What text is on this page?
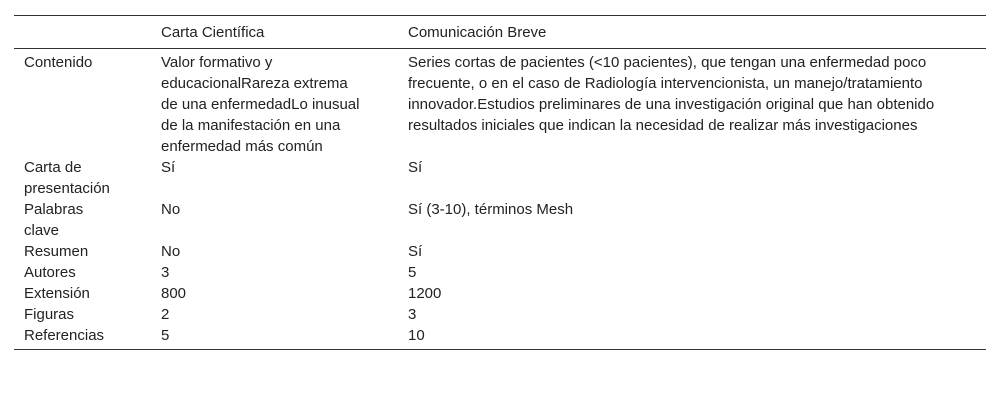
	Carta Científica	Comunicación Breve

Contenido	Valor formativo y educacionalRareza extrema de una enfermedadLo inusual de la manifestación en una enfermedad más común	Series cortas de pacientes (<10 pacientes), que tengan una enfermedad poco frecuente, o en el caso de Radiología intervencionista, un manejo/tratamiento innovador.Estudios preliminares de una investigación original que han obtenido resultados iniciales que indican la necesidad de realizar más investigaciones

Carta de presentación	Sí	Sí

Palabras clave	No	Sí (3-10), términos Mesh

Resumen	No	Sí

Autores	3	5

Extensión	800	1200

Figuras	2	3

Referencias	5	10
